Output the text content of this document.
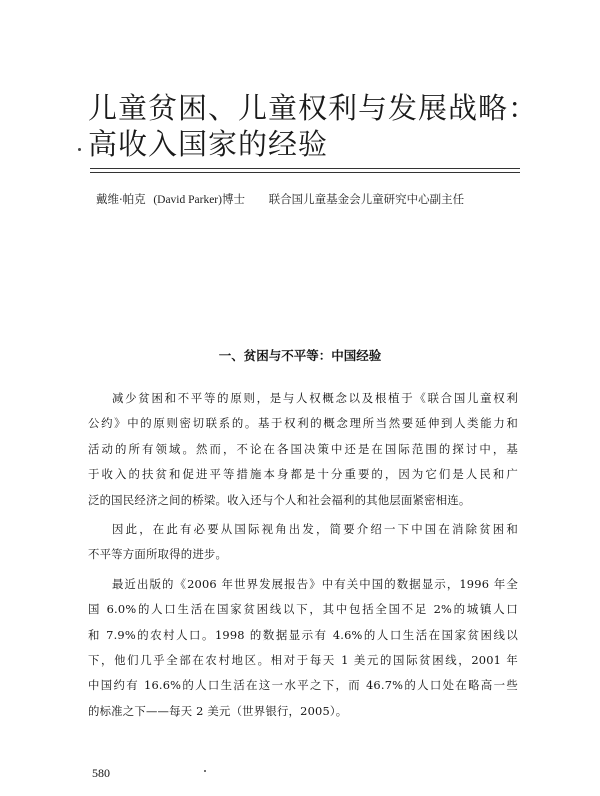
儿童贫困、儿童权利与发展战略：
高收入国家的经验
戴维·帕克 (David Parker)博士 联合国儿童基金会儿童研究中心副主任
一、贫困与不平等：中国经验
减少贫困和不平等的原则，是与人权概念以及根植于《联合国儿童权利
公约》中的原则密切联系的。基于权利的概念理所当然要延伸到人类能力和
活动的所有领域。然而，不论在各国决策中还是在国际范围的探讨中，基
于收入的扶贫和促进平等措施本身都是十分重要的，因为它们是人民和广
泛的国民经济之间的桥梁。收入还与个人和社会福利的其他层面紧密相连。
因此，在此有必要从国际视角出发，简要介绍一下中国在消除贫困和
不平等方面所取得的进步。
最近出版的《2006 年世界发展报告》中有关中国的数据显示，1996 年全
国 6.0%的人口生活在国家贫困线以下，其中包括全国不足 2%的城镇人口
和 7.9%的农村人口。1998 的数据显示有 4.6%的人口生活在国家贫困线以
下，他们几乎全部在农村地区。相对于每天 1 美元的国际贫困线，2001 年
中国约有 16.6%的人口生活在这一水平之下，而 46.7%的人口处在略高一些
的标准之下——每天 2 美元（世界银行，2005）。
580
